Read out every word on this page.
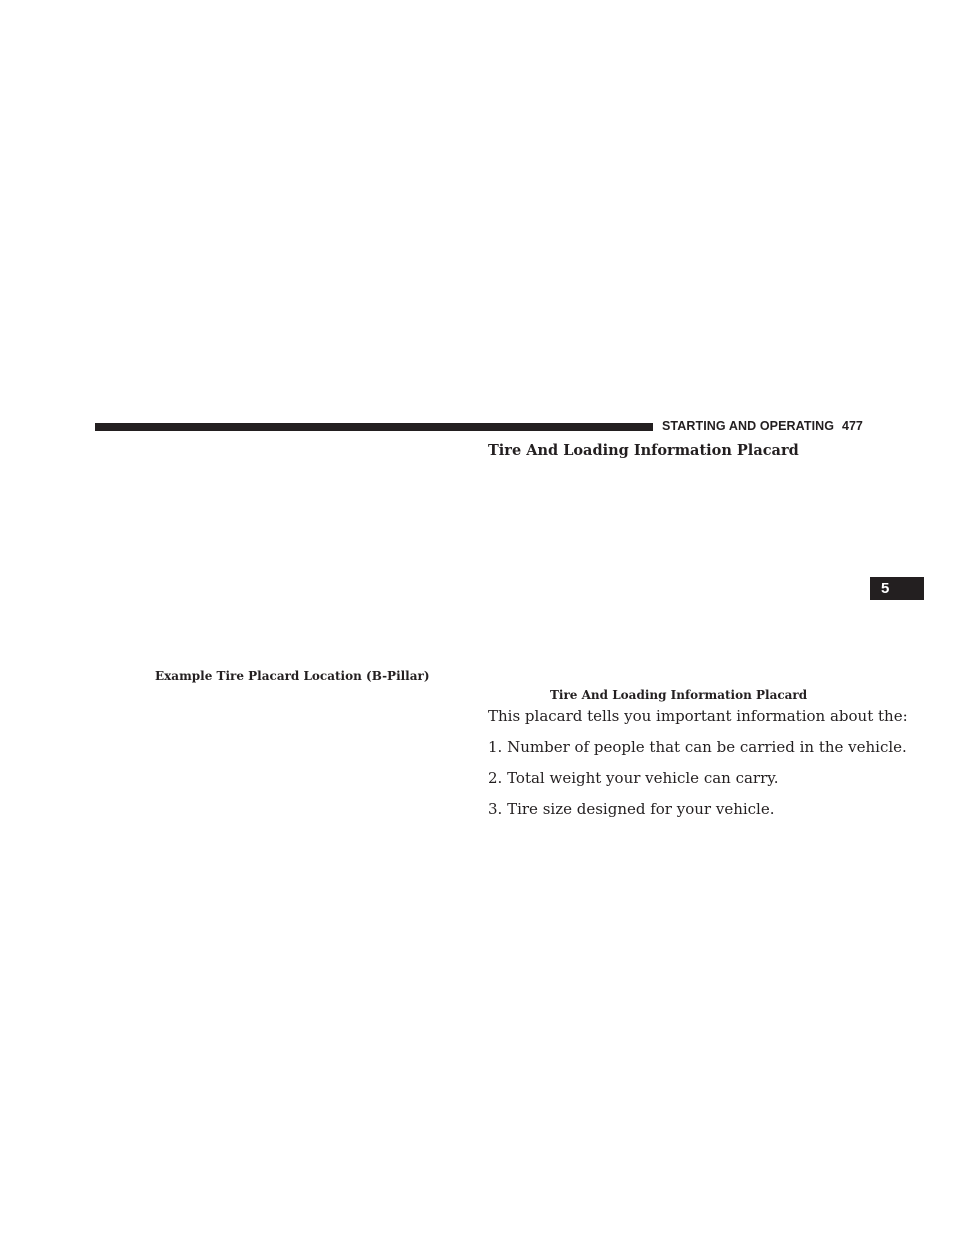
STARTING AND OPERATING 477
Tire And Loading Information Placard
5
Example Tire Placard Location (B-Pillar)
Tire And Loading Information Placard

This placard tells you important information about the:

1. Number of people that can be carried in the vehicle.

2. Total weight your vehicle can carry.

3. Tire size designed for your vehicle.
